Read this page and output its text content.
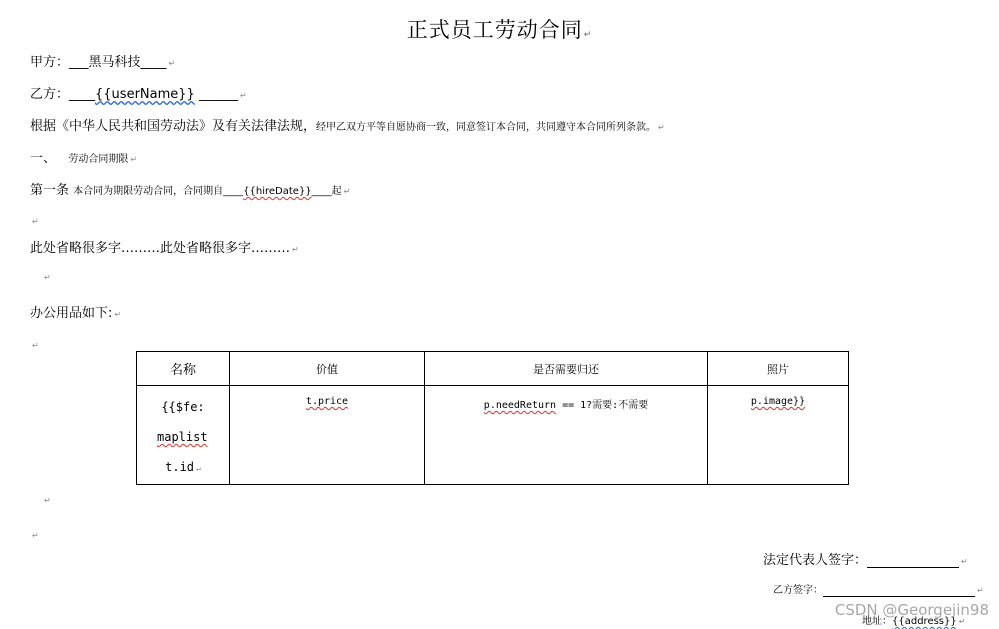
正式员工劳动合同↵
甲方：___黑马科技____ ↵
乙方：____{{userName}} ______ ↵
根据《中华人民共和国劳动法》及有关法律法规，经甲乙双方平等自愿协商一致，同意签订本合同，共同遵守本合同所列条款。 ↵
一、 劳动合同期限 ↵
第一条 本合同为期限劳动合同，合同期自____{{hireDate}}____起 ↵
↵
此处省略很多字………此处省略很多字……… ↵
↵
办公用品如下: ↵
↵
名称	价值	是否需要归还	照片

{{$fe:
maplist
t.id ↵	t.price	p.needReturn == 1?需要:不需要	p.image}}
↵
↵
法定代表人签字：	↵
乙方签字：	↵
地址：{{address}} ↵
CSDN @Georgejin98
